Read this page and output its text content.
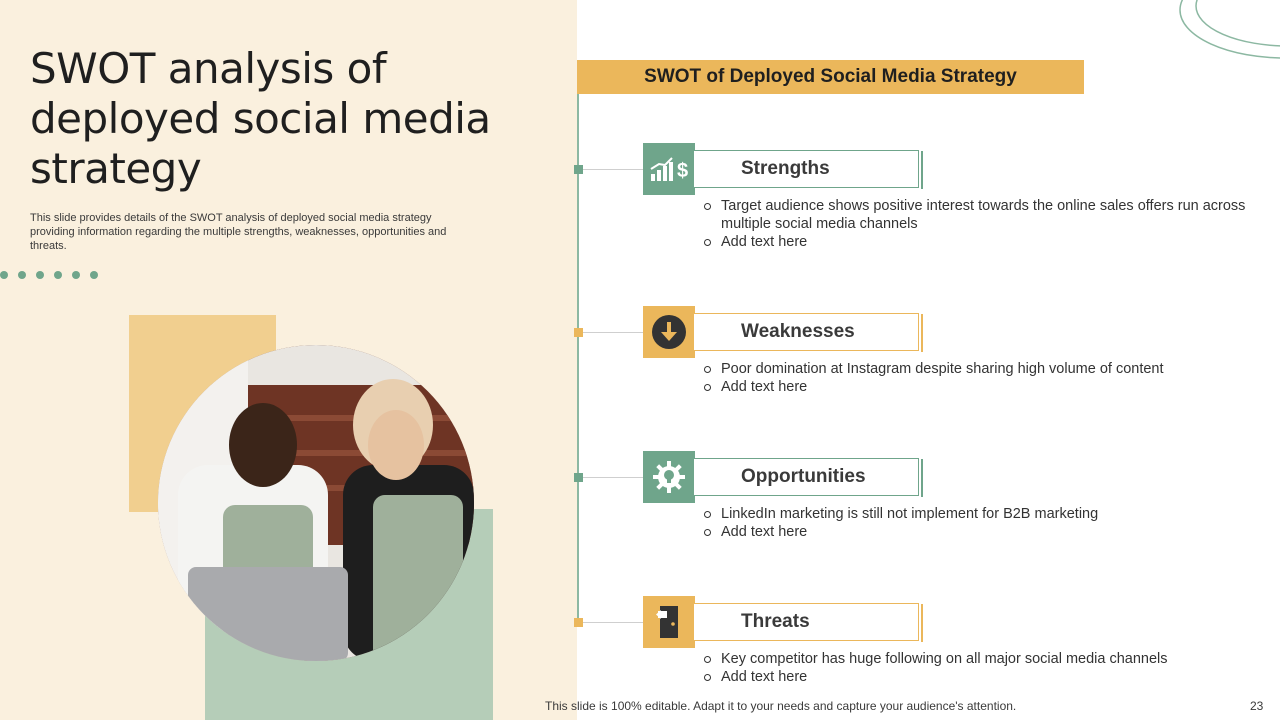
SWOT analysis of deployed social media strategy

This slide provides details of the SWOT analysis of deployed social media strategy providing information regarding the multiple strengths, weaknesses, opportunities and threats.

SWOT of Deployed Social Media Strategy
$	Strengths
Target audience shows positive interest towards the online sales offers run across multiple social media channels
Add text here
Weaknesses
Poor domination at Instagram despite sharing high volume of content
Add text here
Opportunities
LinkedIn marketing is still not implement for B2B marketing
Add text here
Threats
Key competitor has huge following on all major social media channels
Add text here
This slide is 100% editable. Adapt it to your needs and capture your audience's attention.	23
